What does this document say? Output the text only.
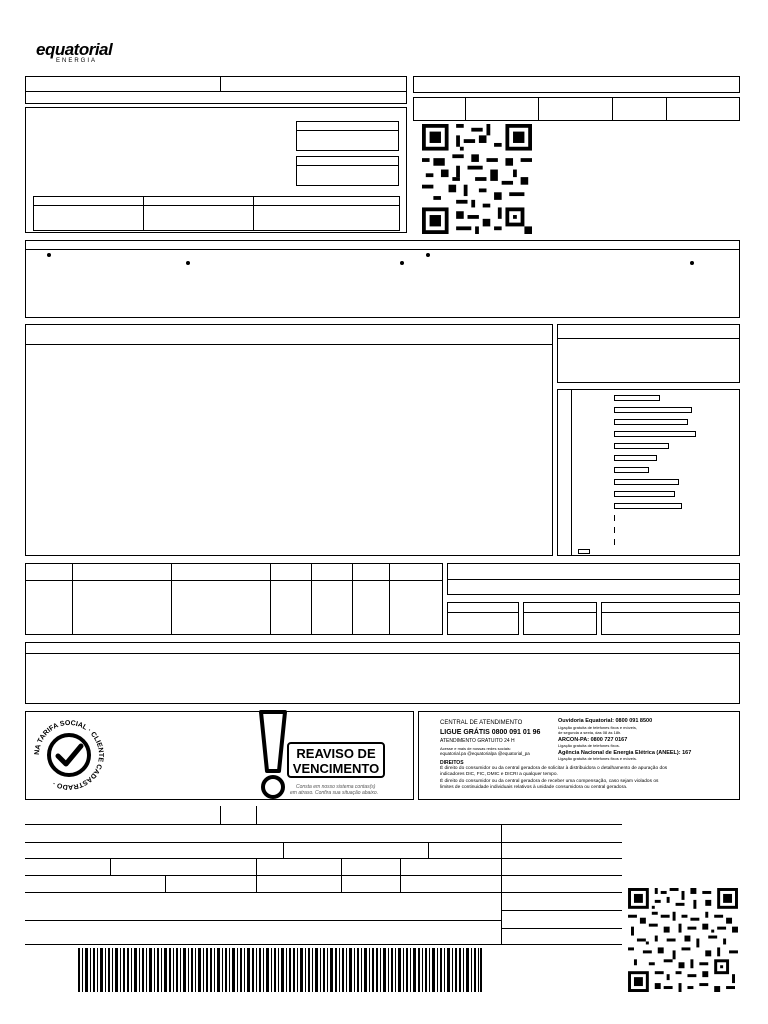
equatorial
ENERGIA
NA TARIFA SOCIAL · CLIENTE CADASTRADO ·
REAVISO DE
VENCIMENTO
Consta em nosso sistema contas(s)
em atraso. Confira sua situação abaixo.
CENTRAL DE ATENDIMENTO
LIGUE GRÁTIS 0800 091 01 96
ATENDIMENTO GRATUITO 24 H
Acesse e mais de nossas redes sociais:
equatorial.pa @equatorialpa @equatorial_pa
Ouvidoria Equatorial: 0800 091 8500
Ligação gratuita de telefones fixos e móveis,
de segunda a sexta, das 08 às 18h.
ARCON-PA: 0800 727 0167
Ligação gratuita de telefones fixos.
Agência Nacional de Energia Elétrica (ANEEL): 167
Ligação gratuita de telefones fixos e móveis.
DIREITOS
É direito do consumidor ou da central geradora de solicitar à distribuidora o detalhamento de apuração dos
indicadores DIC, FIC, DMIC e DICRI a qualquer tempo.
É direito do consumidor ou da central geradora de receber uma compensação, caso sejam violados os
limites de continuidade individuais relativos à unidade consumidora ou central geradora.
